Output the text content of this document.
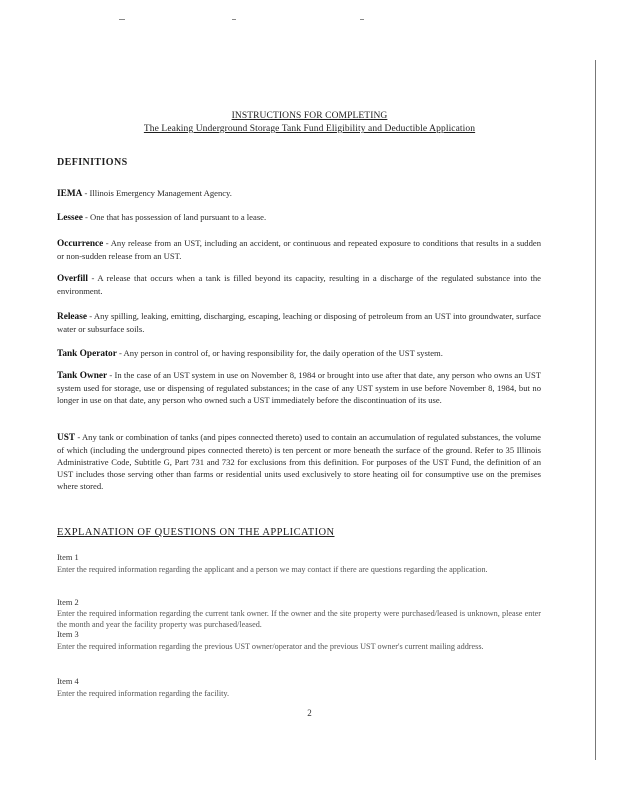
INSTRUCTIONS FOR COMPLETING
The Leaking Underground Storage Tank Fund Eligibility and Deductible Application
DEFINITIONS
IEMA - Illinois Emergency Management Agency.
Lessee - One that has possession of land pursuant to a lease.
Occurrence - Any release from an UST, including an accident, or continuous and repeated exposure to conditions that results in a sudden or non-sudden release from an UST.
Overfill - A release that occurs when a tank is filled beyond its capacity, resulting in a discharge of the regulated substance into the environment.
Release - Any spilling, leaking, emitting, discharging, escaping, leaching or disposing of petroleum from an UST into groundwater, surface water or subsurface soils.
Tank Operator - Any person in control of, or having responsibility for, the daily operation of the UST system.
Tank Owner - In the case of an UST system in use on November 8, 1984 or brought into use after that date, any person who owns an UST system used for storage, use or dispensing of regulated substances; in the case of any UST system in use before November 8, 1984, but no longer in use on that date, any person who owned such a UST immediately before the discontinuation of its use.
UST - Any tank or combination of tanks (and pipes connected thereto) used to contain an accumulation of regulated substances, the volume of which (including the underground pipes connected thereto) is ten percent or more beneath the surface of the ground. Refer to 35 Illinois Administrative Code, Subtitle G, Part 731 and 732 for exclusions from this definition. For purposes of the UST Fund, the definition of an UST includes those serving other than farms or residential units used exclusively to store heating oil for consumptive use on the premises where stored.
EXPLANATION OF QUESTIONS ON THE APPLICATION
Item 1
Enter the required information regarding the applicant and a person we may contact if there are questions regarding the application.
Item 2
Enter the required information regarding the current tank owner. If the owner and the site property were purchased/leased is unknown, please enter the month and year the facility property was purchased/leased.
Item 3
Enter the required information regarding the previous UST owner/operator and the previous UST owner's current mailing address.
Item 4
Enter the required information regarding the facility.
2
